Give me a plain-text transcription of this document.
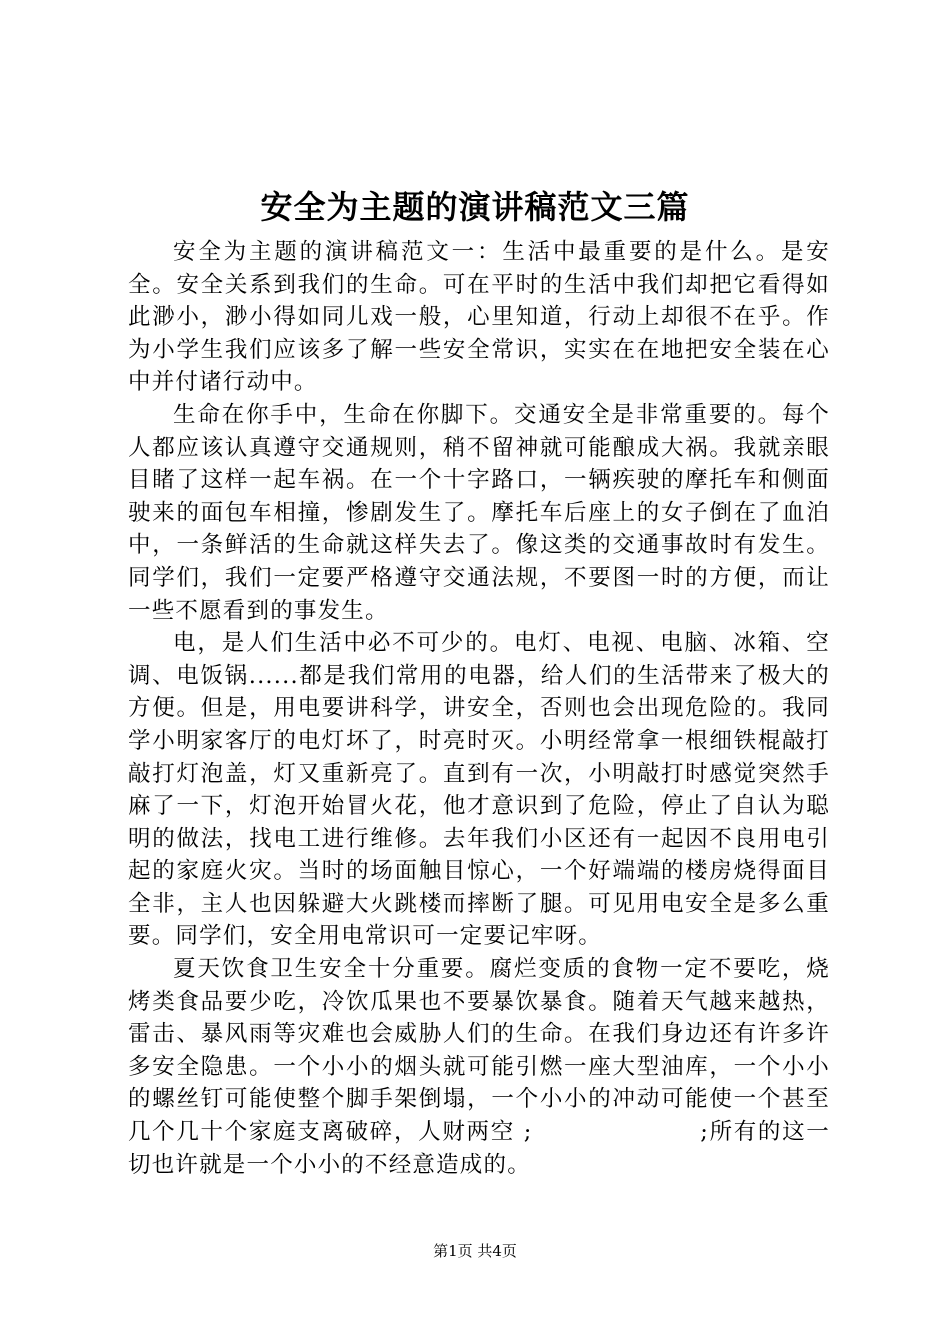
安全为主题的演讲稿范文三篇

安全为主题的演讲稿范文一：生活中最重要的是什么。是安全。安全关系到我们的生命。可在平时的生活中我们却把它看得如此渺小，渺小得如同儿戏一般，心里知道，行动上却很不在乎。作为小学生我们应该多了解一些安全常识，实实在在地把安全装在心中并付诸行动中。

生命在你手中，生命在你脚下。交通安全是非常重要的。每个人都应该认真遵守交通规则，稍不留神就可能酿成大祸。我就亲眼目睹了这样一起车祸。在一个十字路口，一辆疾驶的摩托车和侧面驶来的面包车相撞，惨剧发生了。摩托车后座上的女子倒在了血泊中，一条鲜活的生命就这样失去了。像这类的交通事故时有发生。同学们，我们一定要严格遵守交通法规，不要图一时的方便，而让一些不愿看到的事发生。

电，是人们生活中必不可少的。电灯、电视、电脑、冰箱、空调、电饭锅......都是我们常用的电器，给人们的生活带来了极大的方便。但是，用电要讲科学，讲安全，否则也会出现危险的。我同学小明家客厅的电灯坏了，时亮时灭。小明经常拿一根细铁棍敲打敲打灯泡盖，灯又重新亮了。直到有一次，小明敲打时感觉突然手麻了一下，灯泡开始冒火花，他才意识到了危险，停止了自认为聪明的做法，找电工进行维修。去年我们小区还有一起因不良用电引起的家庭火灾。当时的场面触目惊心，一个好端端的楼房烧得面目全非，主人也因躲避大火跳楼而摔断了腿。可见用电安全是多么重要。同学们，安全用电常识可一定要记牢呀。

夏天饮食卫生安全十分重要。腐烂变质的食物一定不要吃，烧烤类食品要少吃，冷饮瓜果也不要暴饮暴食。随着天气越来越热，雷击、暴风雨等灾难也会威胁人们的生命。在我们身边还有许多许多安全隐患。一个小小的烟头就可能引燃一座大型油库，一个小小的螺丝钉可能使整个脚手架倒塌，一个小小的冲动可能使一个甚至几个几十个家庭支离破碎，人财两空 ;                   ;所有的这一切也许就是一个小小的不经意造成的。

第1页 共4页
